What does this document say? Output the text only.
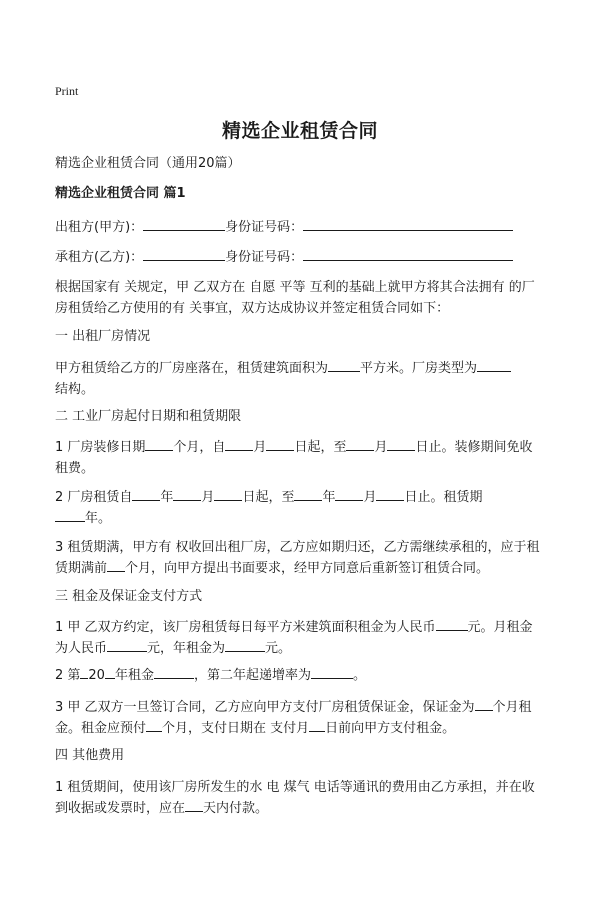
Print
精选企业租赁合同
精选企业租赁合同（通用20篇）
精选企业租赁合同 篇1
出租方(甲方)：	身份证号码：
承租方(乙方)：	身份证号码：
根据国家有 关规定，甲 乙双方在 自愿 平等 互利的基础上就甲方将其合法拥有 的厂房租赁给乙方使用的有 关事宜，双方达成协议并签定租赁合同如下：
一 出租厂房情况
甲方租赁给乙方的厂房座落在，租赁建筑面积为 平方米。厂房类型为
结构。
二 工业厂房起付日期和租赁期限
1 厂房装修日期 个月，自 月 日起，至 月 日止。装修期间免收租费。
2 厂房租赁自 年 月 日起，至 年 月 日止。租赁期
年。
3 租赁期满，甲方有 权收回出租厂房，乙方应如期归还，乙方需继续承租的，应于租赁期满前 个月，向甲方提出书面要求，经甲方同意后重新签订租赁合同。
三 租金及保证金支付方式
1 甲 乙双方约定，该厂房租赁每日每平方米建筑面积租金为人民币 元。月租金为人民币	元，年租金为	元。
2 第 20 年租金	，第二年起递增率为	。
3 甲 乙双方一旦签订合同，乙方应向甲方支付厂房租赁保证金，保证金为 个月租金。租金应预付 个月，支付日期在 支付月 日前向甲方支付租金。
四 其他费用
1 租赁期间，使用该厂房所发生的水 电 煤气 电话等通讯的费用由乙方承担，并在收到收据或发票时，应在 天内付款。
